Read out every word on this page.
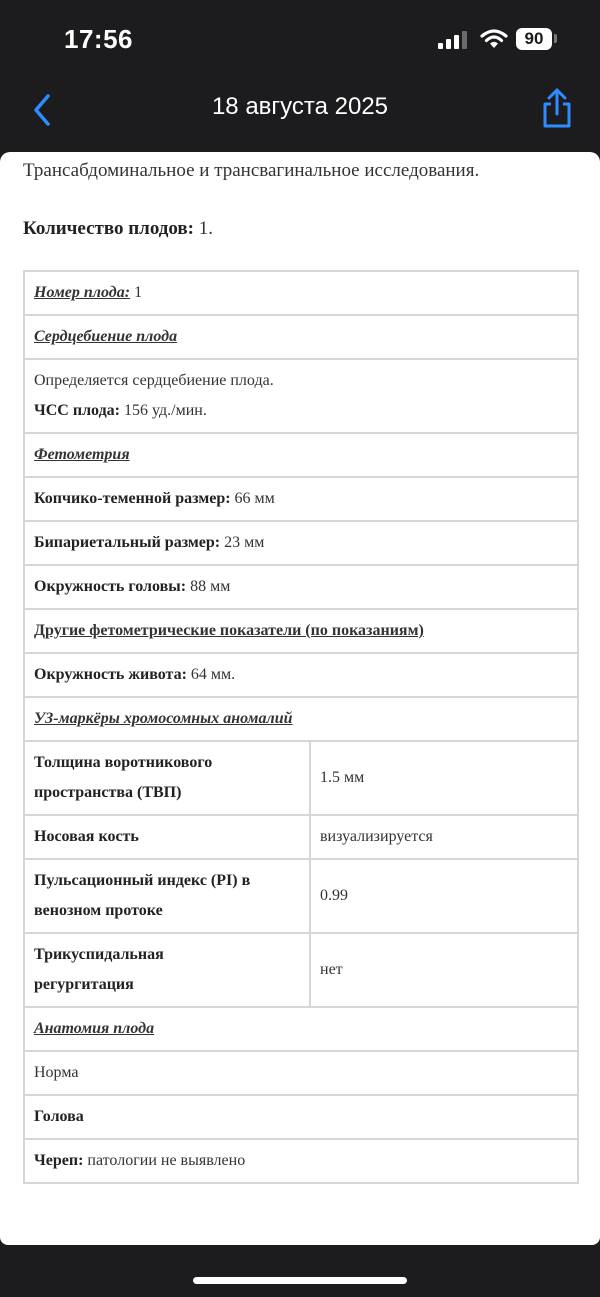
17:56	90
18 августа 2025
Трансабдоминальное и трансвагинальное исследования.
Количество плодов: 1.
Номер плода: 1	
Сердцебиение плода	

Определяется сердцебиение плода.
ЧСС плода: 156 уд./мин.	

Фетометрия	
Копчико-теменной размер: 66 мм	
Бипариетальный размер: 23 мм	
Окружность головы: 88 мм	
Другие фетометрические показатели (по показаниям)	
Окружность живота: 64 мм.	
УЗ-маркёры хромосомных аномалий	

Толщина воротникового
пространства (ТВП)	1.5 мм
Носовая кость	визуализируется

Пульсационный индекс (PI) в
венозном протоке	0.99

Трикуспидальная
регургитация	нет
Анатомия плода	
Норма	
Голова	
Череп: патологии не выявлено	
